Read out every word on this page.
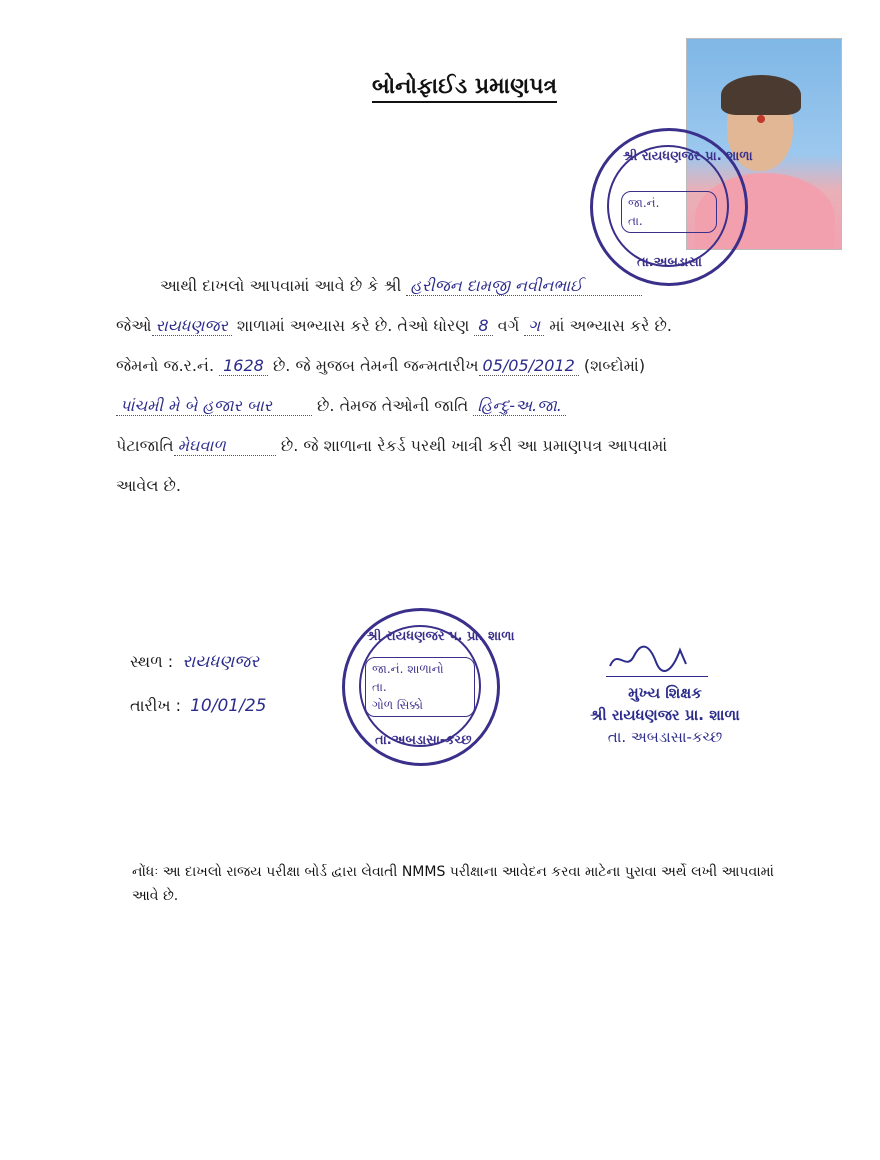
બોનોફાઈડ પ્રમાણપત્ર
શ્રી રાયધણજર પ્રા. શાળા
જા.નં.
તા.
તા.અબડાસા
આથી દાખલો આપવામાં આવે છે કે શ્રી હરીજન દામજી નવીનભાઈ
જેઓ રાયધણજર શાળામાં અભ્યાસ કરે છે. તેઓ ધોરણ 8 વર્ગ ગ માં અભ્યાસ કરે છે.
જેમનો જ.ર.નં. 1628 છે. જે મુજબ તેમની જન્મતારીખ 05/05/2012 (શબ્દોમાં)
પાંચમી મે બે હજાર બાર	છે. તેમજ તેઓની જાતિ હિન્દુ-અ.જા.
પેટાજાતિ મેઘવાળ	છે. જે શાળાના રેકર્ડ પરથી ખાત્રી કરી આ પ્રમાણપત્ર આપવામાં
આવેલ છે.
સ્થળ : રાયધણજર
તારીખ : 10/01/25
શ્રી રાયધણજર પ. પ્રા. શાળા
જા.નં. શાળાનો
તા.
ગોળ સિક્કો
તા.અબડાસા-કચ્છ
મુખ્ય શિક્ષક
શ્રી રાયધણજર પ્રા. શાળા
તા. અબડાસા-કચ્છ
નોંધઃ આ દાખલો રાજય પરીક્ષા બોર્ડ દ્વારા લેવાતી NMMS પરીક્ષાના આવેદન કરવા માટેના પુરાવા અર્થે લખી આપવામાં આવે છે.
